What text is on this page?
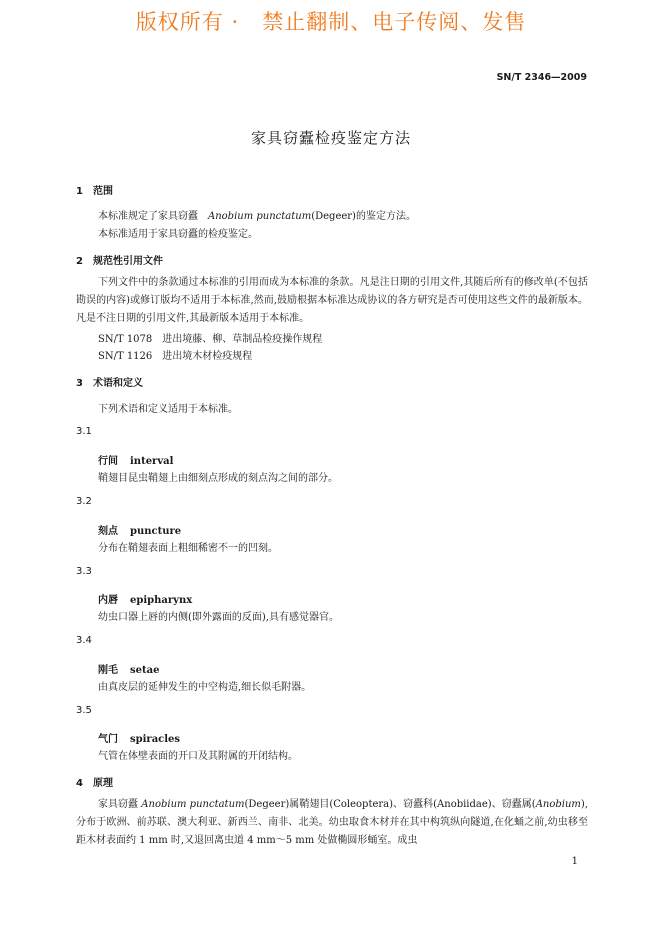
版权所有 ·   禁止翻制、电子传阅、发售
SN/T 2346—2009
家具窃蠹检疫鉴定方法
1 范围
本标准规定了家具窃蠹　Anobium punctatum(Degeer)的鉴定方法。
本标准适用于家具窃蠹的检疫鉴定。
2 规范性引用文件
下列文件中的条款通过本标准的引用而成为本标准的条款。凡是注日期的引用文件,其随后所有的修改单(不包括勘误的内容)或修订版均不适用于本标准,然而,鼓励根据本标准达成协议的各方研究是否可使用这些文件的最新版本。凡是不注日期的引用文件,其最新版本适用于本标准。
SN/T 1078　进出境藤、柳、草制品检疫操作规程
SN/T 1126　进出境木材检疫规程
3 术语和定义
下列术语和定义适用于本标准。
3.1
行间 interval
鞘翅目昆虫鞘翅上由细刻点形成的刻点沟之间的部分。
3.2
刻点 puncture
分布在鞘翅表面上粗细稀密不一的凹刻。
3.3
内唇 epipharynx
幼虫口器上唇的内侧(即外露面的反面),具有感觉器官。
3.4
刚毛 setae
由真皮层的延伸发生的中空构造,细长似毛附器。
3.5
气门 spiracles
气管在体壁表面的开口及其附属的开闭结构。
4 原理
家具窃蠹 Anobium punctatum(Degeer)属鞘翅目(Coleoptera)、窃蠹科(Anobiidae)、窃蠹属(Anobium),分布于欧洲、前苏联、澳大利亚、新西兰、南非、北美。幼虫取食木材并在其中构筑纵向隧道,在化蛹之前,幼虫移至距木材表面约 1 mm 时,又退回离虫道 4 mm～5 mm 处做椭圆形蛹室。成虫
1
